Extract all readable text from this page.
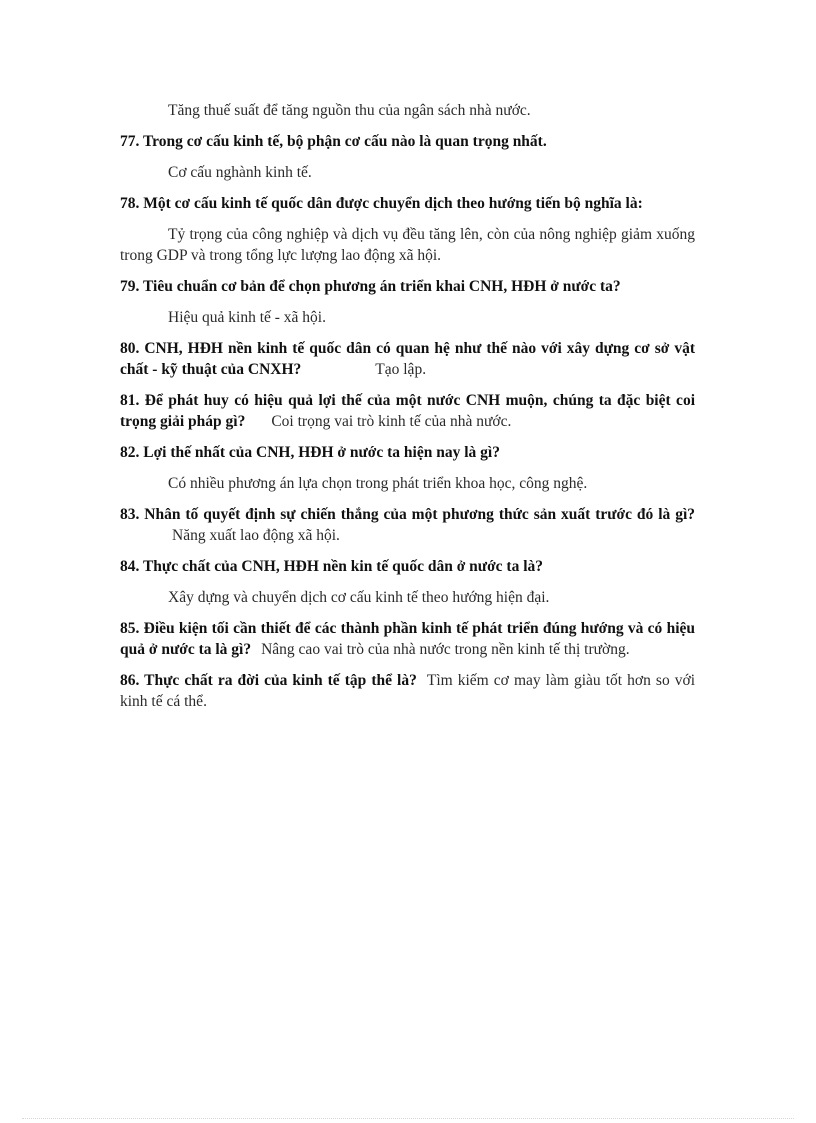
Tăng thuế suất để tăng nguồn thu của ngân sách nhà nước.

77. Trong cơ cấu kinh tế, bộ phận cơ cấu nào là quan trọng nhất.

Cơ cấu nghành kinh tế.

78. Một cơ cấu kinh tế quốc dân được chuyển dịch theo hướng tiến bộ nghĩa là:

Tỷ trọng của công nghiệp và dịch vụ đều tăng lên, còn của nông nghiệp giảm xuống trong GDP và trong tổng lực lượng lao động xã hội.

79. Tiêu chuẩn cơ bản để chọn phương án triển khai CNH, HĐH ở nước ta?

Hiệu quả kinh tế - xã hội.

80. CNH, HĐH nền kinh tế quốc dân có quan hệ như thế nào với xây dựng cơ sở vật chất - kỹ thuật của CNXH?	Tạo lập.

81. Để phát huy có hiệu quả lợi thế của một nước CNH muộn, chúng ta đặc biệt coi trọng giải pháp gì? Coi trọng vai trò kinh tế của nhà nước.

82. Lợi thế nhất của CNH, HĐH ở nước ta hiện nay là gì?

Có nhiều phương án lựa chọn trong phát triển khoa học, công nghệ.

83. Nhân tố quyết định sự chiến thắng của một phương thức sản xuất trước đó là gì?Năng xuất lao động xã hội.

84. Thực chất của CNH, HĐH nền kin tế quốc dân ở nước ta là?

Xây dựng và chuyển dịch cơ cấu kinh tế theo hướng hiện đại.

85. Điều kiện tối cần thiết để các thành phần kinh tế phát triển đúng hướng và có hiệu quả ở nước ta là gì? Nâng cao vai trò của nhà nước trong nền kinh tế thị trường.

86. Thực chất ra đời của kinh tế tập thể là? Tìm kiếm cơ may làm giàu tốt hơn so với kinh tế cá thể.
